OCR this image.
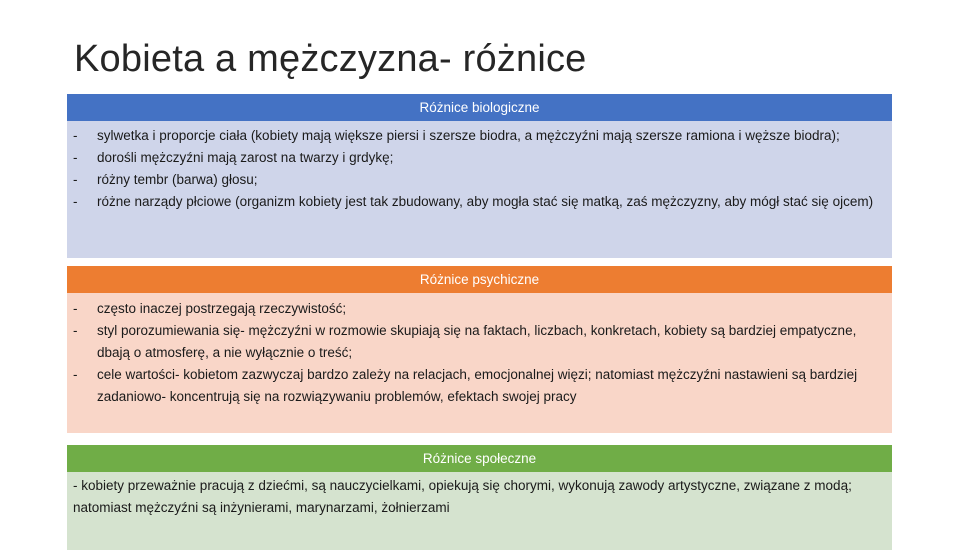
Kobieta a mężczyzna- różnice
Różnice biologiczne
- sylwetka i proporcje ciała (kobiety mają większe piersi i szersze biodra, a mężczyźni mają szersze ramiona i węższe biodra);
- dorośli mężczyźni mają zarost na twarzy i grdykę;
- różny tembr (barwa) głosu;
- różne narządy płciowe (organizm kobiety jest tak zbudowany, aby mogła stać się matką, zaś mężczyzny, aby mógł stać się ojcem)
Różnice psychiczne
- często inaczej postrzegają rzeczywistość;
- styl porozumiewania się- mężczyźni w rozmowie skupiają się na faktach, liczbach, konkretach, kobiety są bardziej empatyczne, dbają o atmosferę, a nie wyłącznie o treść;
- cele wartości- kobietom zazwyczaj bardzo zależy na relacjach, emocjonalnej więzi; natomiast mężczyźni nastawieni są bardziej zadaniowo- koncentrują się na rozwiązywaniu problemów, efektach swojej pracy
Różnice społeczne

- kobiety przeważnie pracują z dziećmi, są nauczycielkami, opiekują się chorymi, wykonują zawody artystyczne, związane z modą; natomiast mężczyźni są inżynierami, marynarzami, żołnierzami
